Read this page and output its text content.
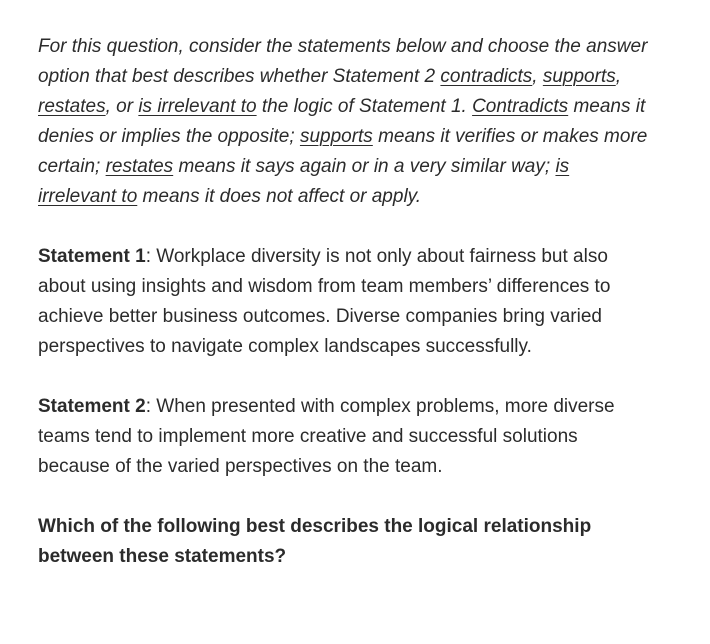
For this question, consider the statements below and choose the answer option that best describes whether Statement 2 contradicts, supports, restates, or is irrelevant to the logic of Statement 1. Contradicts means it denies or implies the opposite; supports means it verifies or makes more certain; restates means it says again or in a very similar way; is irrelevant to means it does not affect or apply.

Statement 1: Workplace diversity is not only about fairness but also about using insights and wisdom from team members’ differences to achieve better business outcomes. Diverse companies bring varied perspectives to navigate complex landscapes successfully.

Statement 2: When presented with complex problems, more diverse teams tend to implement more creative and successful solutions because of the varied perspectives on the team.

Which of the following best describes the logical relationship between these statements?
